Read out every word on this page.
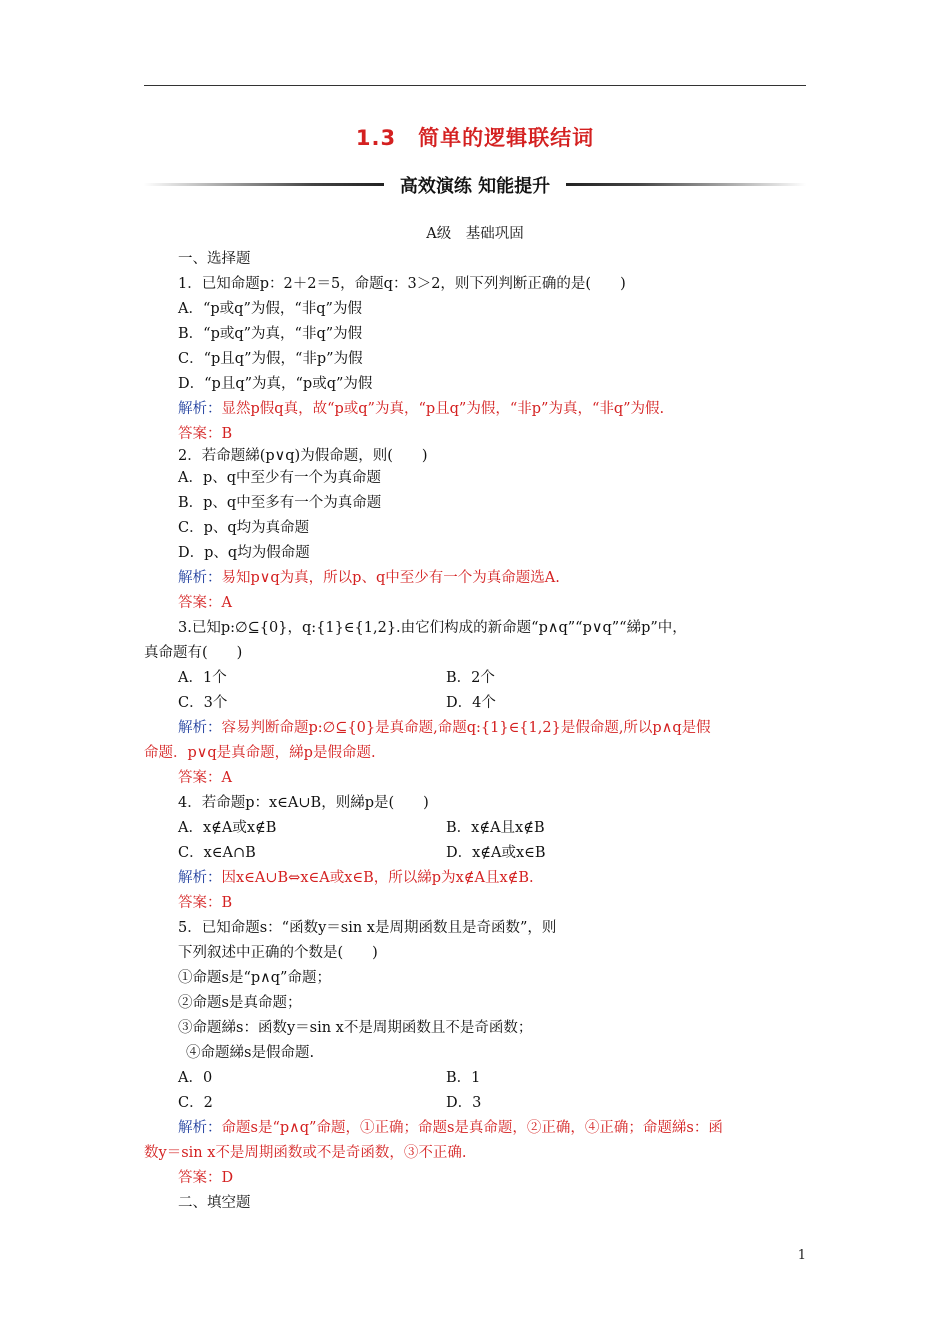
1.3　简单的逻辑联结词
高效演练 知能提升
A级　基础巩固
一、选择题
1．已知命题p：2＋2＝5，命题q：3＞2，则下列判断正确的是(　　)
A．“p或q”为假，“非q”为假
B．“p或q”为真，“非q”为假
C．“p且q”为假，“非p”为假
D．“p且q”为真，“p或q”为假
解析：显然p假q真，故“p或q”为真，“p且q”为假，“非p”为真，“非q”为假.
答案：B
2．若命题綈(p∨q)为假命题，则(　　)
A．p、q中至少有一个为真命题
B．p、q中至多有一个为真命题
C．p、q均为真命题
D．p、q均为假命题
解析：易知p∨q为真，所以p、q中至少有一个为真命题选A.
答案：A
3.已知p:∅⊆{0}，q:{1}∈{1,2}.由它们构成的新命题“p∧q”“p∨q”“綈p”中，
真命题有(　　)
A．1个	B．2个
C．3个	D．4个
解析：容易判断命题p:∅⊆{0}是真命题,命题q:{1}∈{1,2}是假命题,所以p∧q是假
命题．p∨q是真命题，綈p是假命题.
答案：A
4．若命题p：x∈A∪B，则綈p是(　　)
A．x∉A或x∉B	B．x∉A且x∉B
C．x∈A∩B	D．x∉A或x∈B
解析：因x∈A∪B⇔x∈A或x∈B，所以綈p为x∉A且x∉B.
答案：B
5．已知命题s：“函数y＝sin x是周期函数且是奇函数”，则
下列叙述中正确的个数是(　　)
①命题s是“p∧q”命题；
②命题s是真命题；
③命题綈s：函数y＝sin x不是周期函数且不是奇函数；
④命题綈s是假命题.
A．0	B．1
C．2	D．3
解析：命题s是“p∧q”命题，①正确；命题s是真命题，②正确，④正确；命题綈s：函
数y＝sin x不是周期函数或不是奇函数，③不正确.
答案：D
二、填空题
1
